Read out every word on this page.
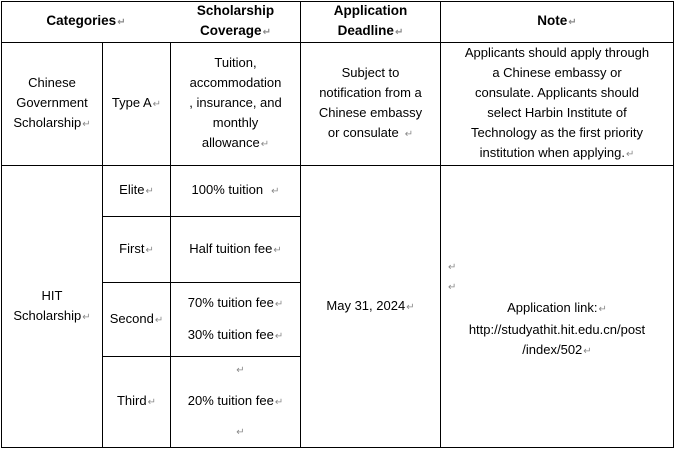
Categories↵
Scholarship
Coverage↵
Application
Deadline↵
Note↵
Chinese
Government
Scholarship↵
Type A↵
Tuition,
accommodation
, insurance, and
monthly
allowance↵
Subject to
notification from a
Chinese embassy
or consulate ↵
Applicants should apply through
a Chinese embassy or
consulate. Applicants should
select Harbin Institute of
Technology as the first priority
institution when applying.↵
HIT
Scholarship↵
Elite↵	100% tuition ↵
First↵	Half tuition fee↵
Second↵
70% tuition fee↵
30% tuition fee↵
Third↵
↵
20% tuition fee↵
↵
May 31, 2024↵
↵
↵
Application link:↵
http://studyathit.hit.edu.cn/post
/index/502↵
